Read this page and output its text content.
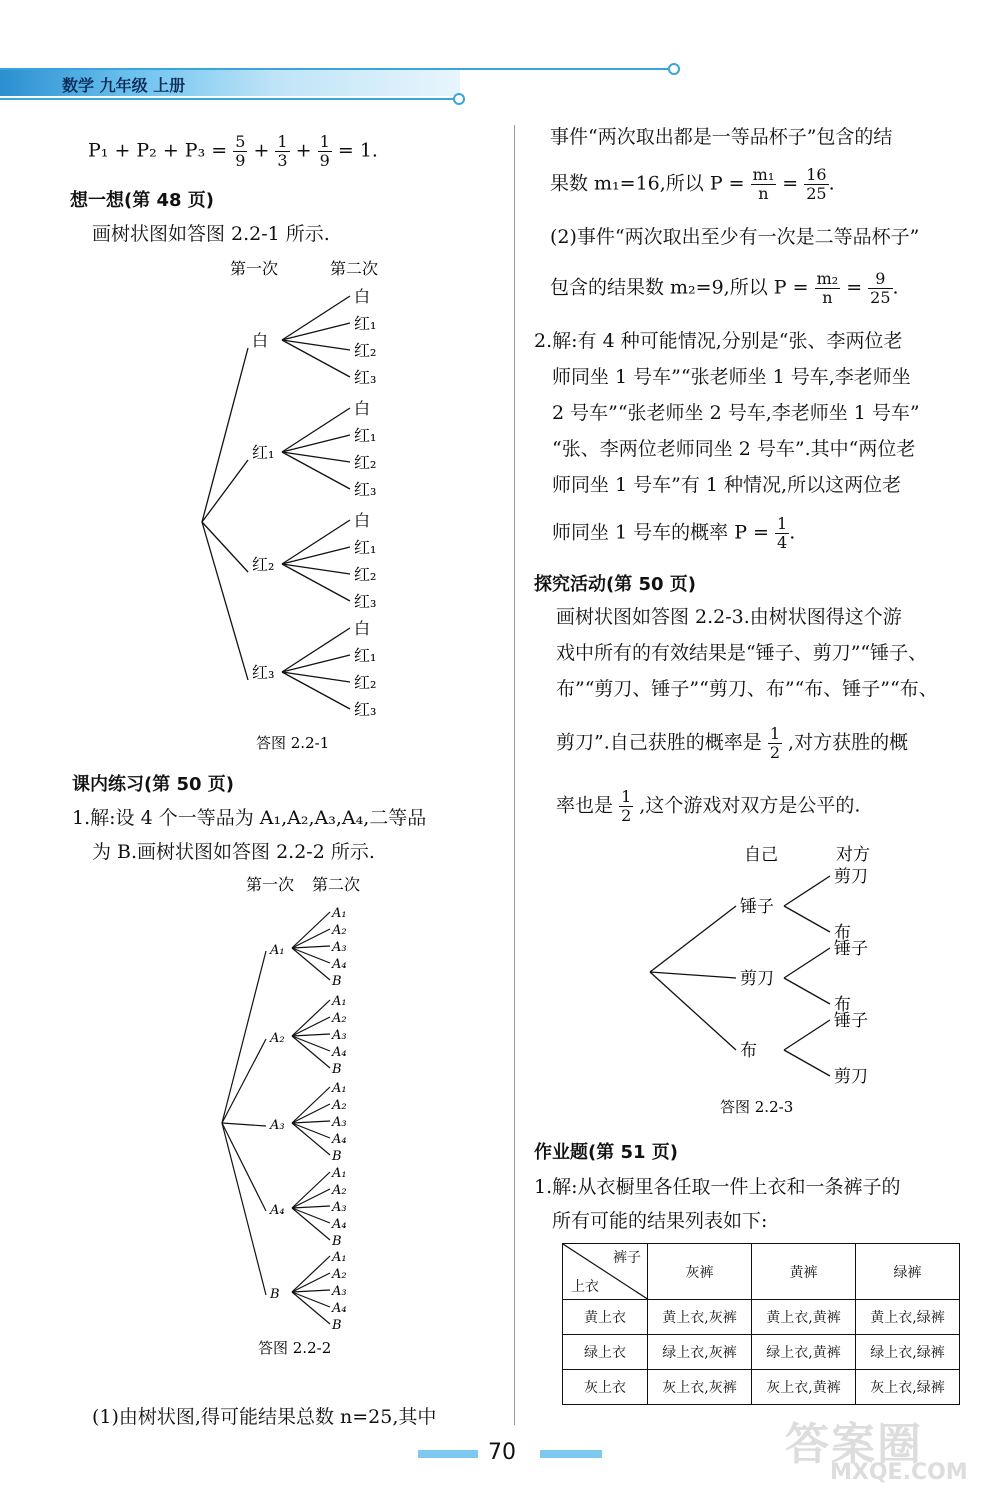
数学 九年级 上册
$P_1 + P_2 + P_3 = \frac{5}{9} + \frac{1}{3} + \frac{1}{9} = 1$.
想一想(第 48 页)
画树状图如答图 2.2-1 所示.
第一次	第二次
白
白
红₁
红₂
红₃
红₁
白
红₁
红₂
红₃
红₂
白
红₁
红₂
红₃
红₃
白
红₁
红₂
红₃
答图 2.2-1
课内练习(第 50 页)
1.解:设 4 个一等品为 A₁,A₂,A₃,A₄,二等品
为 B.画树状图如答图 2.2-2 所示.
第一次 第二次
A₁
A₁
A₂
A₃
A₄
B
A₂
A₁
A₂
A₃
A₄
B
A₃
A₁
A₂
A₃
A₄
B
A₄
A₁
A₂
A₃
A₄
B
B
A₁
A₂
A₃
A₄
B
答图 2.2-2
(1)由树状图,得可能结果总数 n=25,其中
事件“两次取出都是一等品杯子”包含的结
果数 m₁=16,所以 $P = \frac{\text{m₁}}{n} = \frac{16}{25}$ .
(2)事件“两次取出至少有一次是二等品杯子”
包含的结果数 m₂=9,所以 $P = \frac{\text{m₂}}{n} = \frac{9}{25}$ .
2.解:有 4 种可能情况,分别是“张、李两位老
师同坐 1 号车”“张老师坐 1 号车,李老师坐
2 号车”“张老师坐 2 号车,李老师坐 1 号车”
“张、李两位老师同坐 2 号车”.其中“两位老
师同坐 1 号车”有 1 种情况,所以这两位老
师同坐 1 号车的概率 $P = \frac{1}{4}$ .
探究活动(第 50 页)
画树状图如答图 2.2-3.由树状图得这个游
戏中所有的有效结果是“锤子、剪刀”“锤子、
布”“剪刀、锤子”“剪刀、布”“布、锤子”“布、
剪刀”.自己获胜的概率是 $\frac{1}{2}$ ,对方获胜的概
率也是 $\frac{1}{2}$ ,这个游戏对双方是公平的.
自己	对方
锤子
剪刀
布
剪刀
锤子
布
布
锤子
剪刀
答图 2.2-3
作业题(第 51 页)
1.解:从衣橱里各任取一件上衣和一条裤子的
所有可能的结果列表如下:
裤子
上衣	灰裤	黄裤	绿裤
黄上衣	黄上衣,灰裤	黄上衣,黄裤	黄上衣,绿裤
绿上衣	绿上衣,灰裤	绿上衣,黄裤	绿上衣,绿裤
灰上衣	灰上衣,灰裤	灰上衣,黄裤	灰上衣,绿裤
70	答案圈
MXQE.COM
